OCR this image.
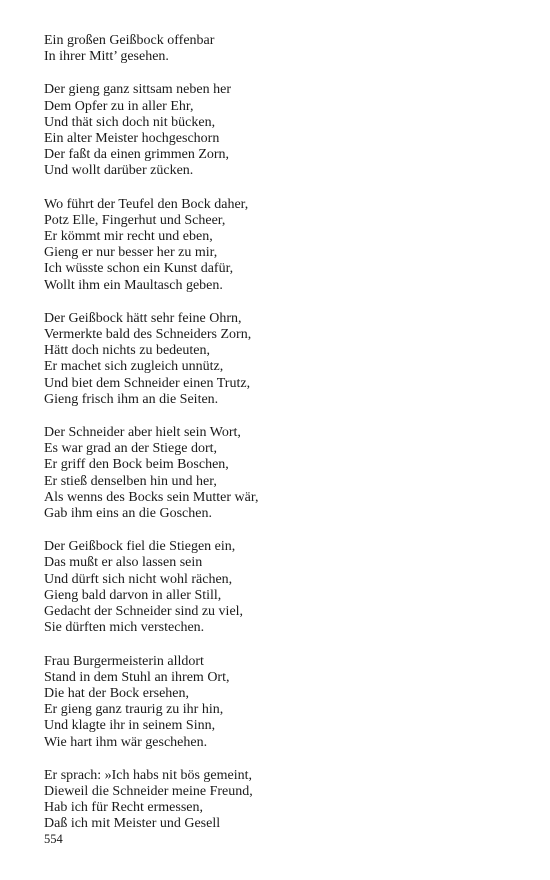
Ein großen Geißbock offenbar
In ihrer Mitt’ gesehen.
Der gieng ganz sittsam neben her
Dem Opfer zu in aller Ehr,
Und thät sich doch nit bücken,
Ein alter Meister hochgeschorn
Der faßt da einen grimmen Zorn,
Und wollt darüber zücken.
Wo führt der Teufel den Bock daher,
Potz Elle, Fingerhut und Scheer,
Er kömmt mir recht und eben,
Gieng er nur besser her zu mir,
Ich wüsste schon ein Kunst dafür,
Wollt ihm ein Maultasch geben.
Der Geißbock hätt sehr feine Ohrn,
Vermerkte bald des Schneiders Zorn,
Hätt doch nichts zu bedeuten,
Er machet sich zugleich unnütz,
Und biet dem Schneider einen Trutz,
Gieng frisch ihm an die Seiten.
Der Schneider aber hielt sein Wort,
Es war grad an der Stiege dort,
Er griff den Bock beim Boschen,
Er stieß denselben hin und her,
Als wenns des Bocks sein Mutter wär,
Gab ihm eins an die Goschen.
Der Geißbock fiel die Stiegen ein,
Das mußt er also lassen sein
Und dürft sich nicht wohl rächen,
Gieng bald darvon in aller Still,
Gedacht der Schneider sind zu viel,
Sie dürften mich verstechen.
Frau Burgermeisterin alldort
Stand in dem Stuhl an ihrem Ort,
Die hat der Bock ersehen,
Er gieng ganz traurig zu ihr hin,
Und klagte ihr in seinem Sinn,
Wie hart ihm wär geschehen.
Er sprach: »Ich habs nit bös gemeint,
Dieweil die Schneider meine Freund,
Hab ich für Recht ermessen,
Daß ich mit Meister und Gesell
554
